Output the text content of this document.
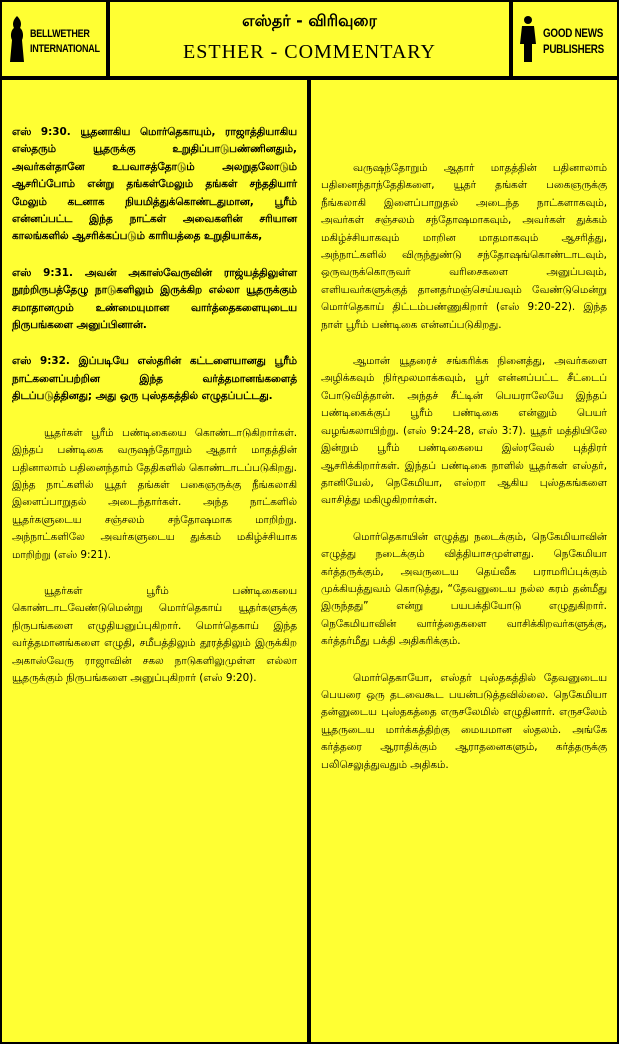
BELLWETHER
INTERNATIONAL
எஸ்தர் - விரிவுரை
ESTHER - COMMENTARY
GOOD NEWS
PUBLISHERS

எஸ் 9:30. யூதனாகிய மொர்தெகாயும், ராஜாத்தியாகிய எஸ்தரும் யூதருக்கு உறுதிப்பாடுபண்ணினதும், அவர்கள்தானே உபவாசத்தோடும் அலறுதலோடும் ஆசரிப்போம் என்று தங்கள்மேலும் தங்கள் சந்ததியார் மேலும் கடனாக நியமித்துக்கொண்டதுமான, பூரீம் என்னப்பட்ட இந்த நாட்கள் அவைகளின் சரியான காலங்களில் ஆசரிக்கப்படும் காரியத்தை உறுதியாக்க,

எஸ் 9:31. அவன் அகாஸ்வேருவின் ராஜ்யத்திலுள்ள நூற்றிருபத்தேழு நாடுகளிலும் இருக்கிற எல்லா யூதருக்கும் சமாதானமும் உண்மையுமான வார்த்தைகளையுடைய நிருபங்களை அனுப்பினான்.

எஸ் 9:32. இப்படியே எஸ்தரின் கட்டளையானது பூரீம் நாட்களைப்பற்றின இந்த வர்த்தமானங்களைத் திடப்படுத்தினது; அது ஒரு புஸ்தகத்தில் எழுதப்பட்டது.

யூதர்கள் பூரீம் பண்டிகையை கொண்டாடுகிறார்கள். இந்தப் பண்டிகை வருஷந்தோறும் ஆதார் மாதத்தின் பதினாலாம் பதினைந்தாம் தேதிகளில் கொண்டாடப்படுகிறது. இந்த நாட்களில் யூதர் தங்கள் பகைஞருக்கு நீங்கலாகி இளைப்பாறுதல் அடைந்தார்கள். அந்த நாட்களில் யூதர்களுடைய சஞ்சலம் சந்தோஷமாக மாறிற்று. அந்நாட்களிலே அவர்களுடைய துக்கம் மகிழ்ச்சியாக மாறிற்று (எஸ் 9:21).

யூதர்கள் பூரீம் பண்டிகையை கொண்டாடவேண்டுமென்று மொர்தெகாய் யூதர்களுக்கு நிருபங்களை எழுதியனுப்புகிறார். மொர்தெகாய் இந்த வர்த்தமானங்களை எழுதி, சமீபத்திலும் தூரத்திலும் இருக்கிற அகாஸ்வேரு ராஜாவின் சகல நாடுகளிலுமுள்ள எல்லா யூதருக்கும் நிருபங்களை அனுப்புகிறார் (எஸ் 9:20).

வருஷந்தோறும் ஆதார் மாதத்தின் பதினாலாம் பதினைந்தாந்தேதிகளை, யூதர் தங்கள் பகைஞருக்கு நீங்கலாகி இளைப்பாறுதல் அடைந்த நாட்களாகவும், அவர்கள் சஞ்சலம் சந்தோஷமாகவும், அவர்கள் துக்கம் மகிழ்ச்சியாகவும் மாறின மாதமாகவும் ஆசரித்து, அந்நாட்களில் விருந்துண்டு சந்தோஷங்கொண்டாடவும், ஒருவருக்கொருவர் வரிசைகளை அனுப்பவும், எளியவர்களுக்குத் தானதர்மஞ்செய்யவும் வேண்டுமென்று மொர்தெகாய் திட்டம்பண்ணுகிறார் (எஸ் 9:20-22). இந்த நாள் பூரீம் பண்டிகை என்னப்படுகிறது.

ஆமான் யூதரைச் சங்கரிக்க நினைத்து, அவர்களை அழிக்கவும் நிர்மூலமாக்கவும், பூர் என்னப்பட்ட சீட்டைப் போடுவித்தான். அந்தச் சீட்டின் பெயராலேயே இந்தப் பண்டிகைக்குப் பூரீம் பண்டிகை என்னும் பெயர் வழங்கலாயிற்று. (எஸ் 9:24-28, எஸ் 3:7). யூதர் மத்தியிலே இன்றும் பூரீம் பண்டிகையை இஸ்ரவேல் புத்திரர் ஆசரிக்கிறார்கள். இந்தப் பண்டிகை நாளில் யூதர்கள் எஸ்தர், தானியேல், நெகேமியா, எஸ்றா ஆகிய புஸ்தகங்களை வாசித்து மகிழுகிறார்கள்.

மொர்தெகாயின் எழுத்து நடைக்கும், நெகேமியாவின் எழுத்து நடைக்கும் வித்தியாசமுள்ளது. நெகேமியா கர்த்தருக்கும், அவருடைய தெய்வீக பராமரிப்புக்கும் முக்கியத்துவம் கொடுத்து, “தேவனுடைய நல்ல கரம் தன்மீது இருந்தது” என்று பயபக்தியோடு எழுதுகிறார். நெகேமியாவின் வார்த்தைகளை வாசிக்கிறவர்களுக்கு, கர்த்தர்மீது பக்தி அதிகரிக்கும்.

மொர்தெகாயோ, எஸ்தர் புஸ்தகத்தில் தேவனுடைய பெயரை ஒரு தடவைகூட பயன்படுத்தவில்லை. நெகேமியா தன்னுடைய புஸ்தகத்தை எருசலேமில் எழுதினார். எருசலேம் யூதருடைய மார்க்கத்திற்கு மையமான ஸ்தலம். அங்கே கர்த்தரை ஆராதிக்கும் ஆராதனைகளும், கர்த்தருக்கு பலிசெலுத்துவதும் அதிகம்.
